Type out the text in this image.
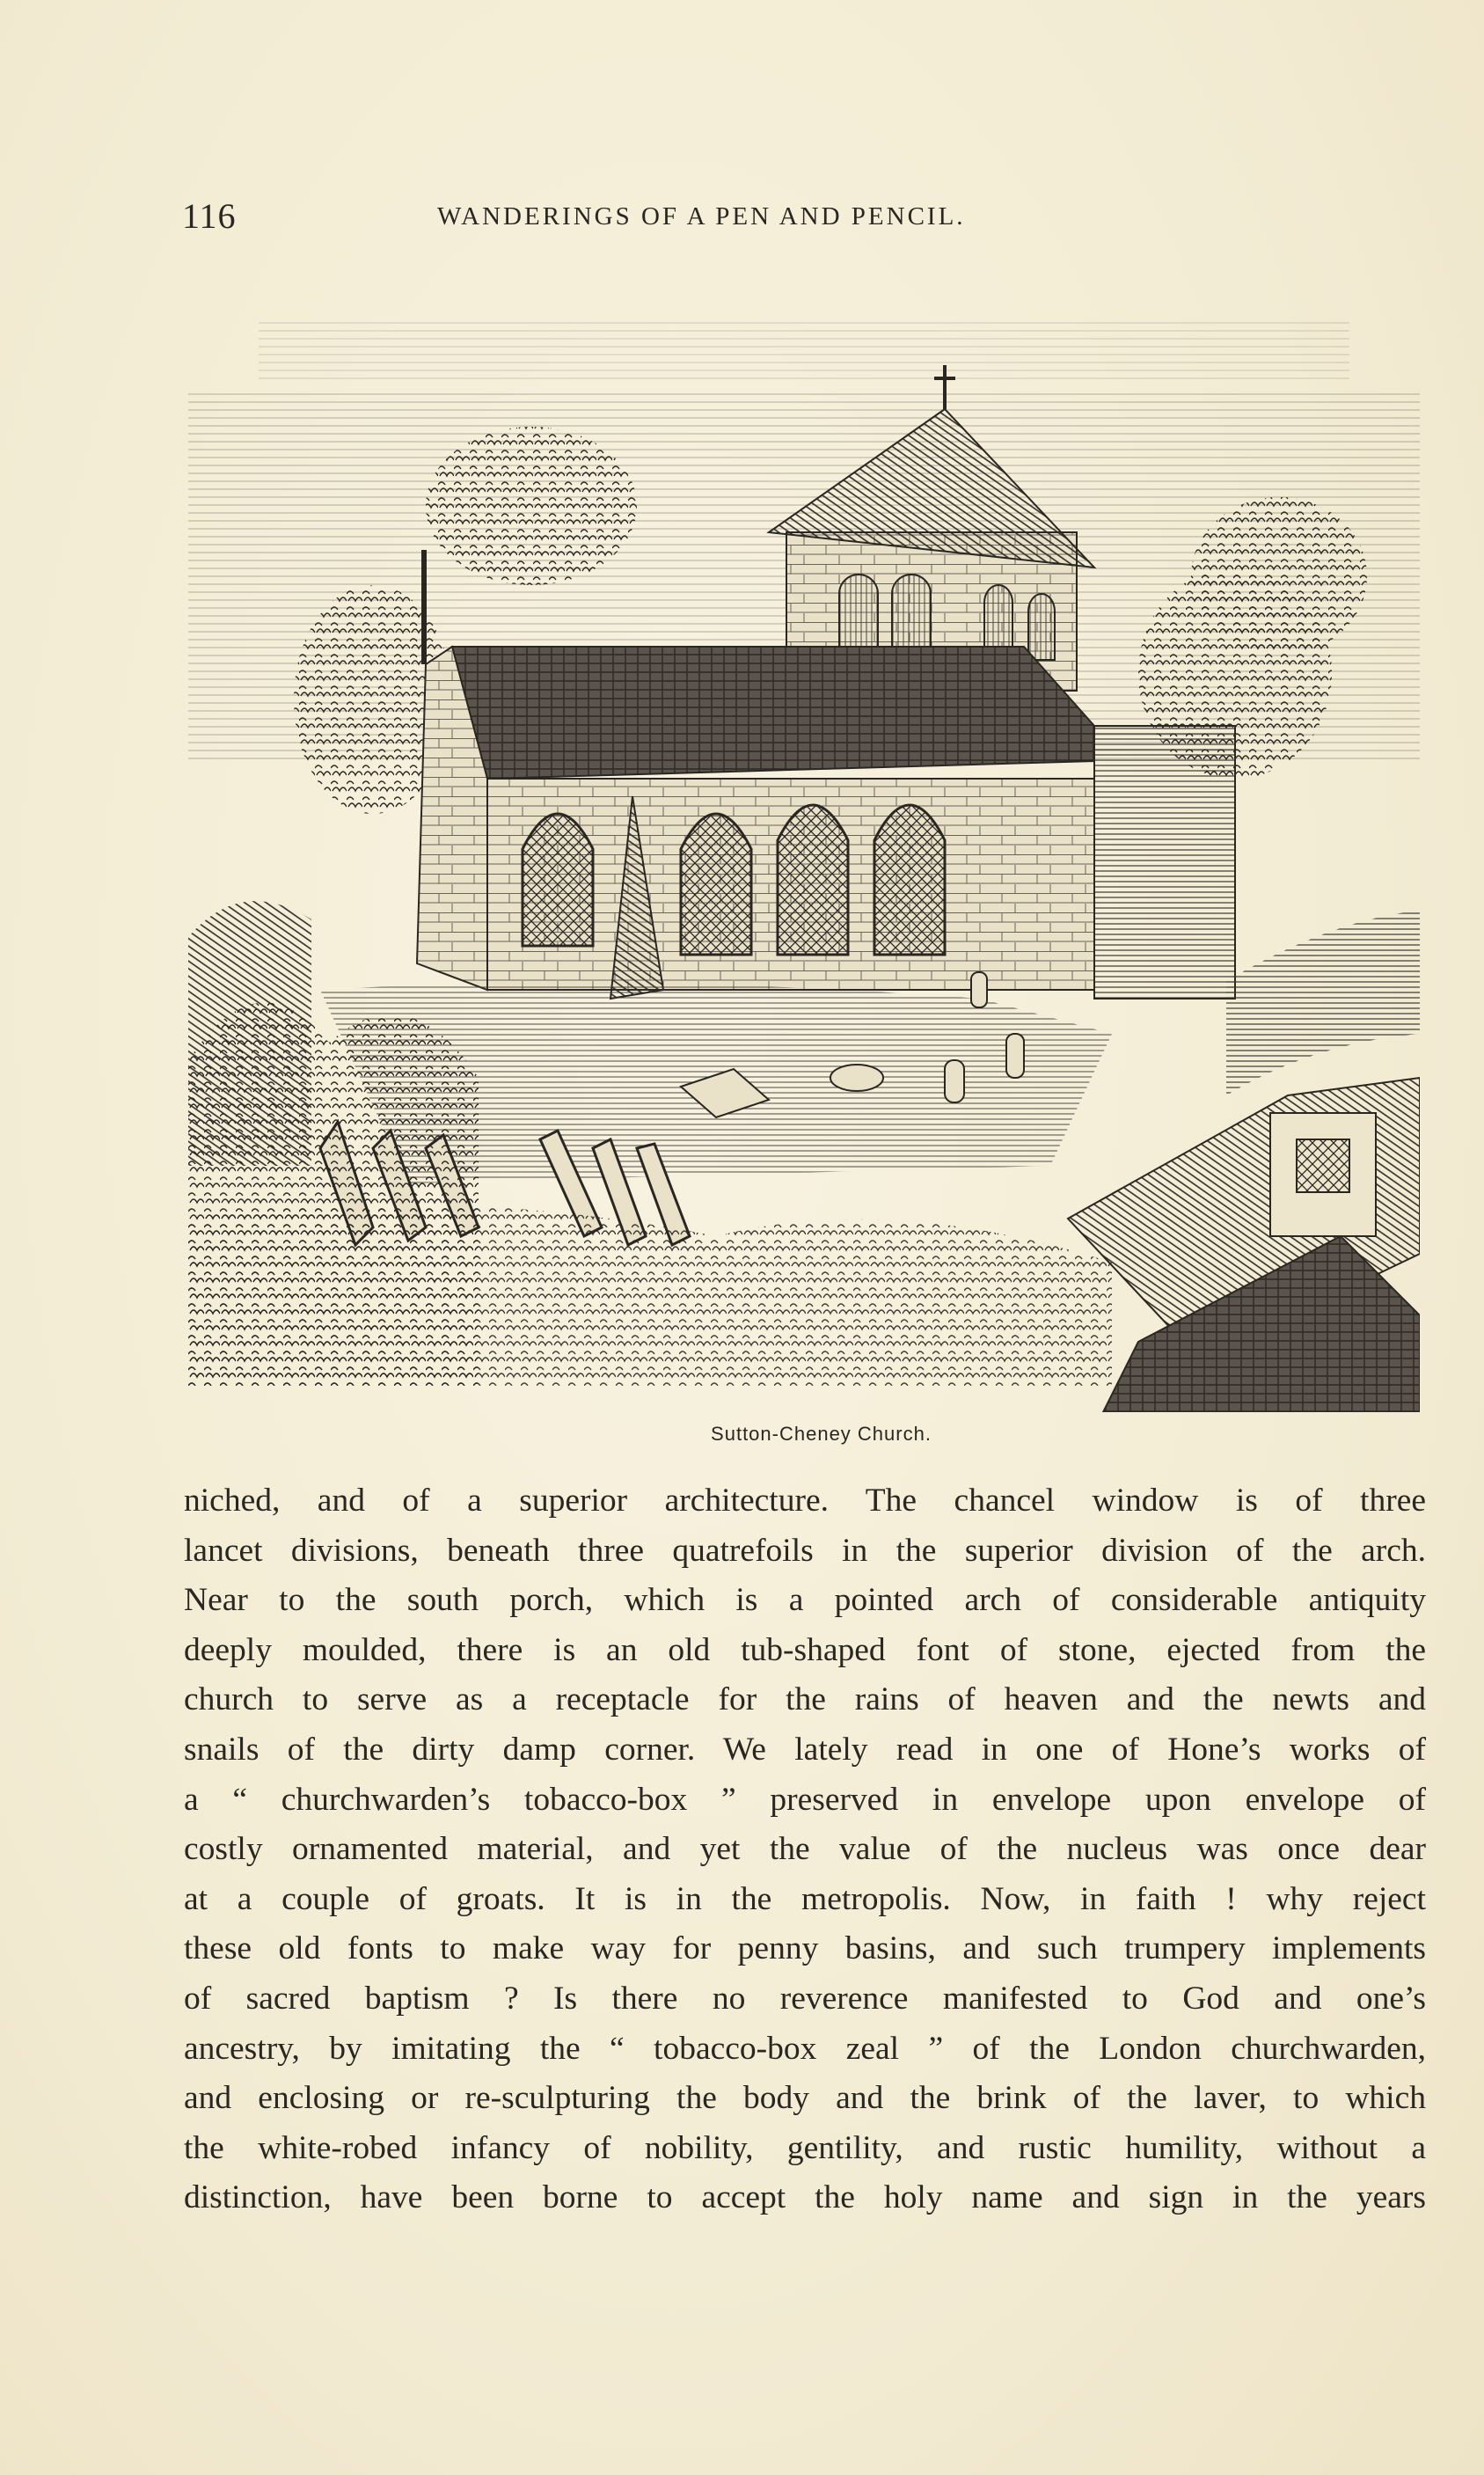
116	WANDERINGS OF A PEN AND PENCIL.
Sutton-Cheney Church.
niched, and of a superior architecture. The chancel window is of three
lancet divisions, beneath three quatrefoils in the superior division of the arch.
Near to the south porch, which is a pointed arch of considerable antiquity
deeply moulded, there is an old tub-shaped font of stone, ejected from the
church to serve as a receptacle for the rains of heaven and the newts and
snails of the dirty damp corner. We lately read in one of Hone’s works of
a “ churchwarden’s tobacco-box ” preserved in envelope upon envelope of
costly ornamented material, and yet the value of the nucleus was once dear
at a couple of groats. It is in the metropolis. Now, in faith ! why reject
these old fonts to make way for penny basins, and such trumpery implements
of sacred baptism ? Is there no reverence manifested to God and one’s
ancestry, by imitating the “ tobacco-box zeal ” of the London churchwarden,
and enclosing or re-sculpturing the body and the brink of the laver, to which
the white-robed infancy of nobility, gentility, and rustic humility, without a
distinction, have been borne to accept the holy name and sign in the years
